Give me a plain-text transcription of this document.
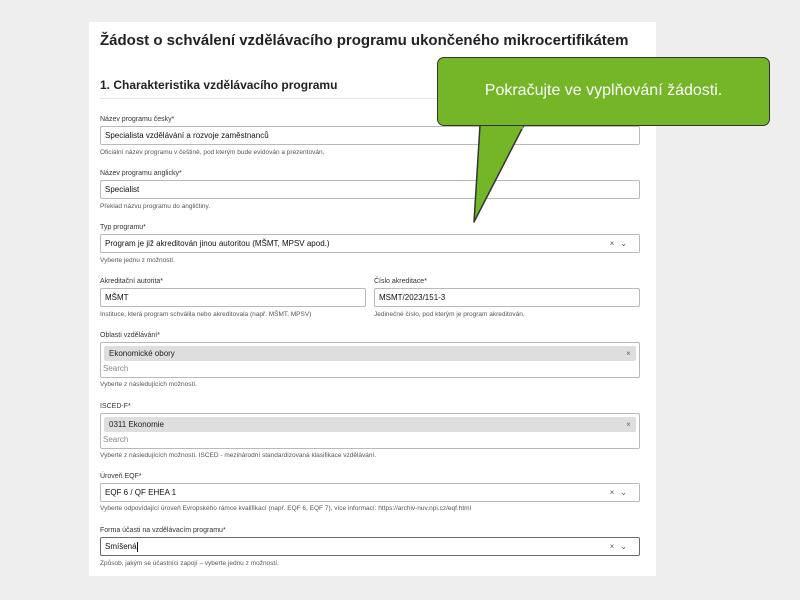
Žádost o schválení vzdělávacího programu ukončeného mikrocertifikátem
1. Charakteristika vzdělávacího programu
Název programu česky*
Specialista vzdělávání a rozvoje zaměstnanců
Oficiální název programu v češtině, pod kterým bude evidován a prezentován.
Název programu anglicky*
Specialist
Překlad názvu programu do angličtiny.
Typ programu*
Program je již akreditován jinou autoritou (MŠMT, MPSV apod.)	×⌄
Vyberte jednu z možností.
Akreditační autorita*
MŠMT
Instituce, která program schválila nebo akreditovala (např. MŠMT, MPSV)
Číslo akreditace*
MSMT/2023/151-3
Jedinečné číslo, pod kterým je program akreditován.
Oblasti vzdělávání*
Ekonomické obory	×
Search
Vyberte z následujících možností.
ISCED-F*
0311 Ekonomie	×
Search
Vyberte z následujících možností. ISCED - mezinárodní standardizovaná klasifikace vzdělávání.
Úroveň EQF*
EQF 6 / QF EHEA 1	×⌄
Vyberte odpovídající úroveň Evropského rámce kvalifikací (např. EQF 6, EQF 7), více informací: https://archiv-nuv.npi.cz/eqf.html
Forma účasti na vzdělávacím programu*
Smíšená	×⌄
Způsob, jakým se účastníci zapojí – vyberte jednu z možností.
Pokračujte ve vyplňování žádosti.
